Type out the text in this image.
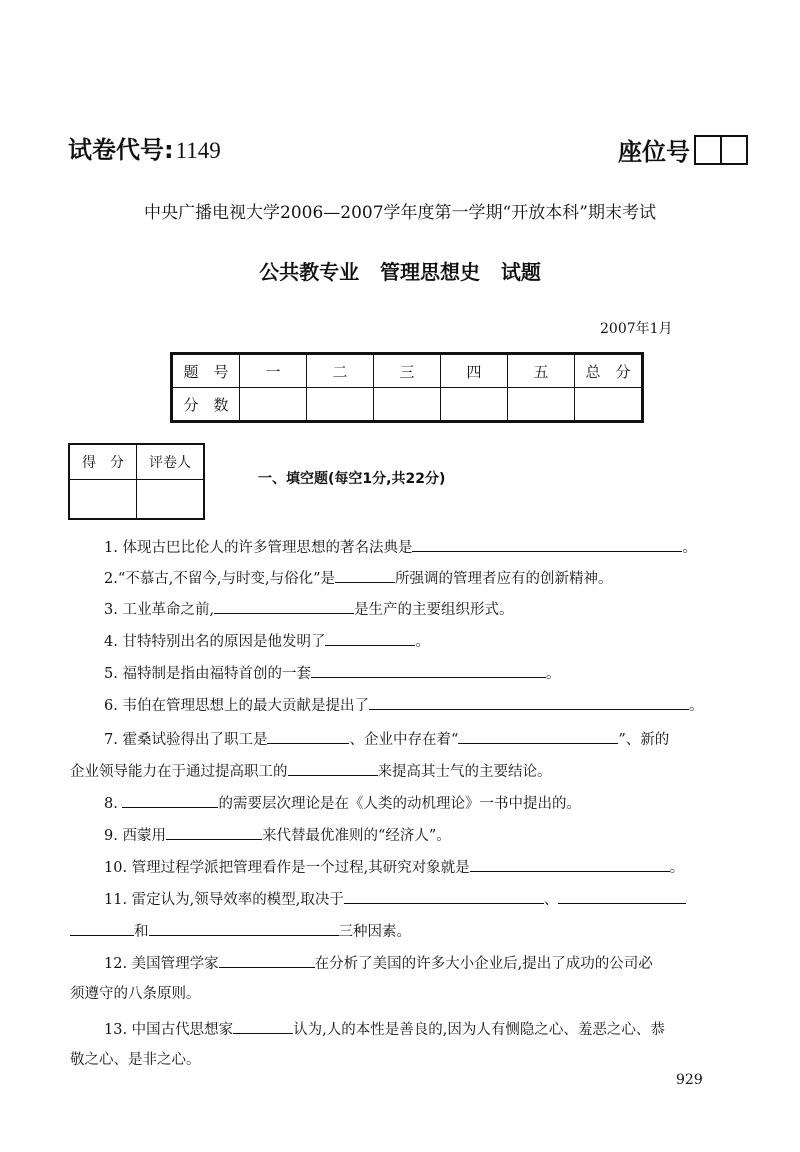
试卷代号:1149	座位号
中央广播电视大学2006—2007学年度第一学期“开放本科”期末考试
公共教专业   管理思想史   试题
2007年1月
题　号	一	二	三	四	五	总　分
分　数						
得　分	评卷人

一、填空题(每空1分,共22分)
1. 体现古巴比伦人的许多管理思想的著名法典是	。
2.“不慕古,不留今,与时变,与俗化”是	所强调的管理者应有的创新精神。
3. 工业革命之前,	是生产的主要组织形式。
4. 甘特特别出名的原因是他发明了	。
5. 福特制是指由福特首创的一套	。
6. 韦伯在管理思想上的最大贡献是提出了	。
7. 霍桑试验得出了职工是	、企业中存在着“	”、新的
企业领导能力在于通过提高职工的	来提高其士气的主要结论。
8.	的需要层次理论是在《人类的动机理论》一书中提出的。
9. 西蒙用	来代替最优准则的“经济人”。
10. 管理过程学派把管理看作是一个过程,其研究对象就是	。
11. 雷定认为,领导效率的模型,取决于	、
和	三种因素。
12. 美国管理学家	在分析了美国的许多大小企业后,提出了成功的公司必
须遵守的八条原则。
13. 中国古代思想家	认为,人的本性是善良的,因为人有恻隐之心、羞恶之心、恭
敬之心、是非之心。
929
